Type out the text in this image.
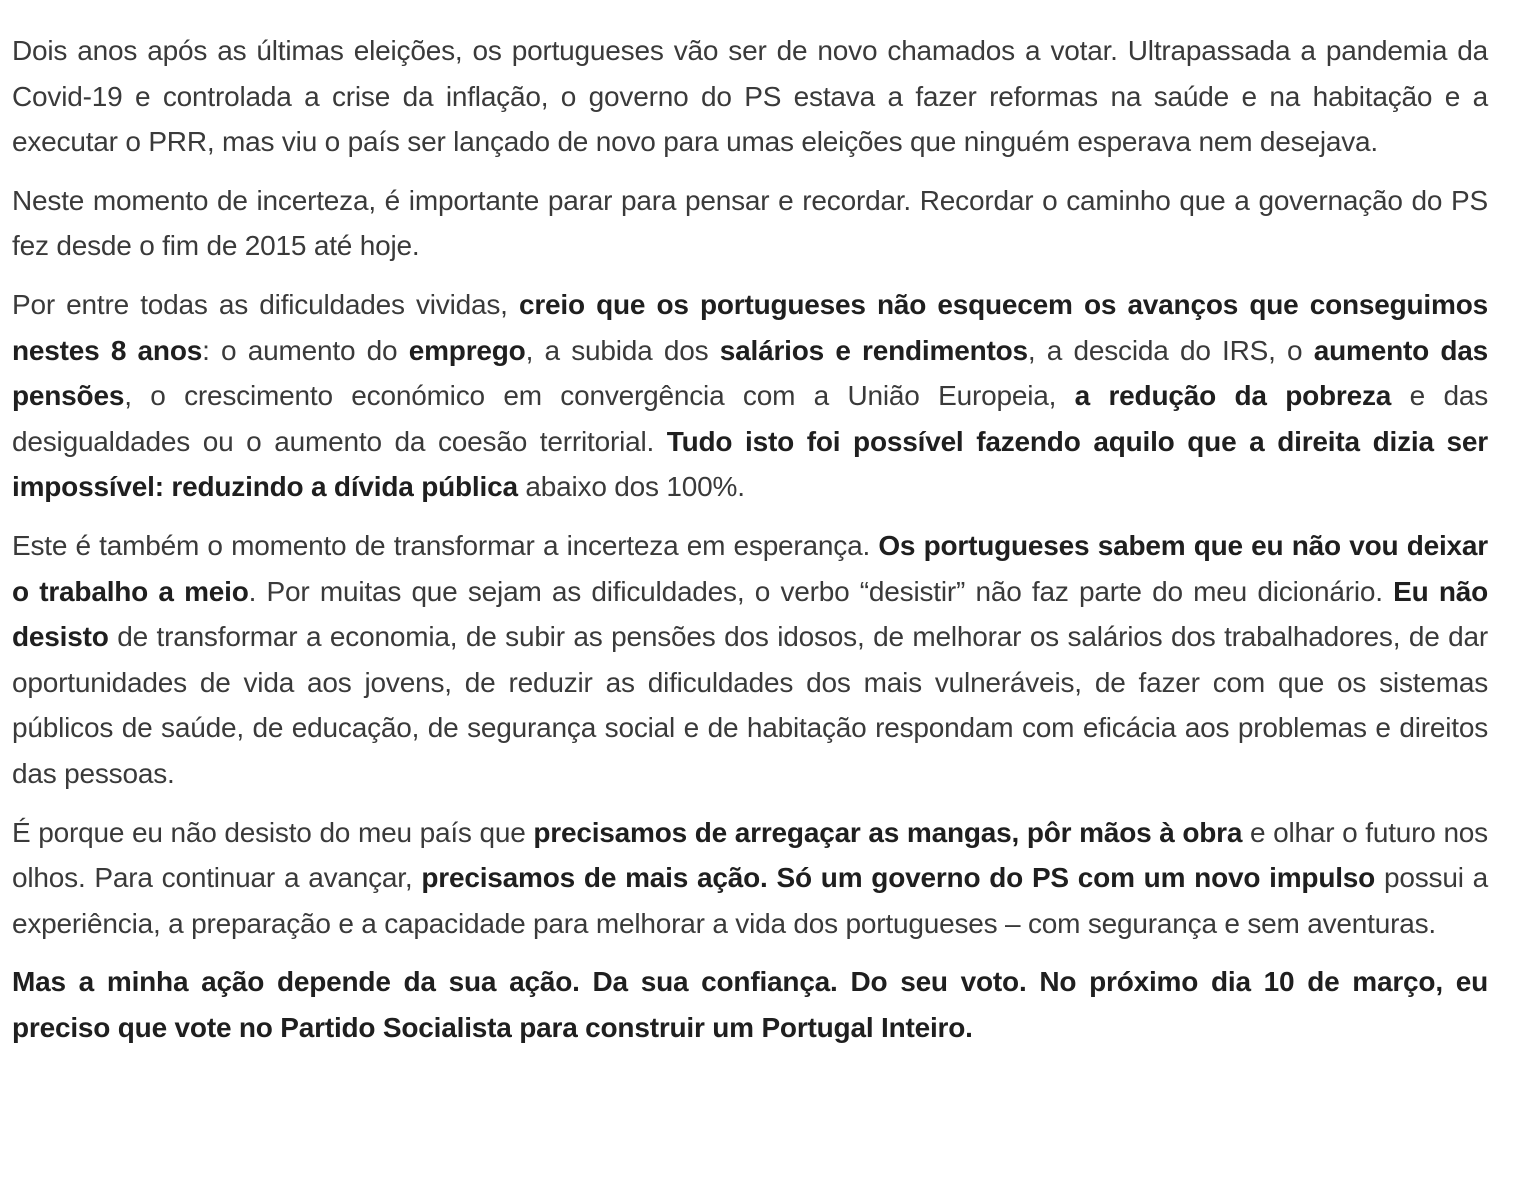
Dois anos após as últimas eleições, os portugueses vão ser de novo chamados a votar. Ultrapassada a pandemia da Covid-19 e controlada a crise da inflação, o governo do PS estava a fazer reformas na saúde e na habitação e a executar o PRR, mas viu o país ser lançado de novo para umas eleições que ninguém esperava nem desejava.

Neste momento de incerteza, é importante parar para pensar e recordar. Recordar o caminho que a governação do PS fez desde o fim de 2015 até hoje.

Por entre todas as dificuldades vividas, creio que os portugueses não esquecem os avanços que conseguimos nestes 8 anos: o aumento do emprego, a subida dos salários e rendimentos, a descida do IRS, o aumento das pensões, o crescimento económico em convergência com a União Europeia, a redução da pobreza e das desigualdades ou o aumento da coesão territorial. Tudo isto foi possível fazendo aquilo que a direita dizia ser impossível: reduzindo a dívida pública abaixo dos 100%.

Este é também o momento de transformar a incerteza em esperança. Os portugueses sabem que eu não vou deixar o trabalho a meio. Por muitas que sejam as dificuldades, o verbo “desistir” não faz parte do meu dicionário. Eu não desisto de transformar a economia, de subir as pensões dos idosos, de melhorar os salários dos trabalhadores, de dar oportunidades de vida aos jovens, de reduzir as dificuldades dos mais vulneráveis, de fazer com que os sistemas públicos de saúde, de educação, de segurança social e de habitação respondam com eficácia aos problemas e direitos das pessoas.

É porque eu não desisto do meu país que precisamos de arregaçar as mangas, pôr mãos à obra e olhar o futuro nos olhos. Para continuar a avançar, precisamos de mais ação. Só um governo do PS com um novo impulso possui a experiência, a preparação e a capacidade para melhorar a vida dos portugueses – com segurança e sem aventuras.

Mas a minha ação depende da sua ação. Da sua confiança. Do seu voto. No próximo dia 10 de março, eu preciso que vote no Partido Socialista para construir um Portugal Inteiro.
